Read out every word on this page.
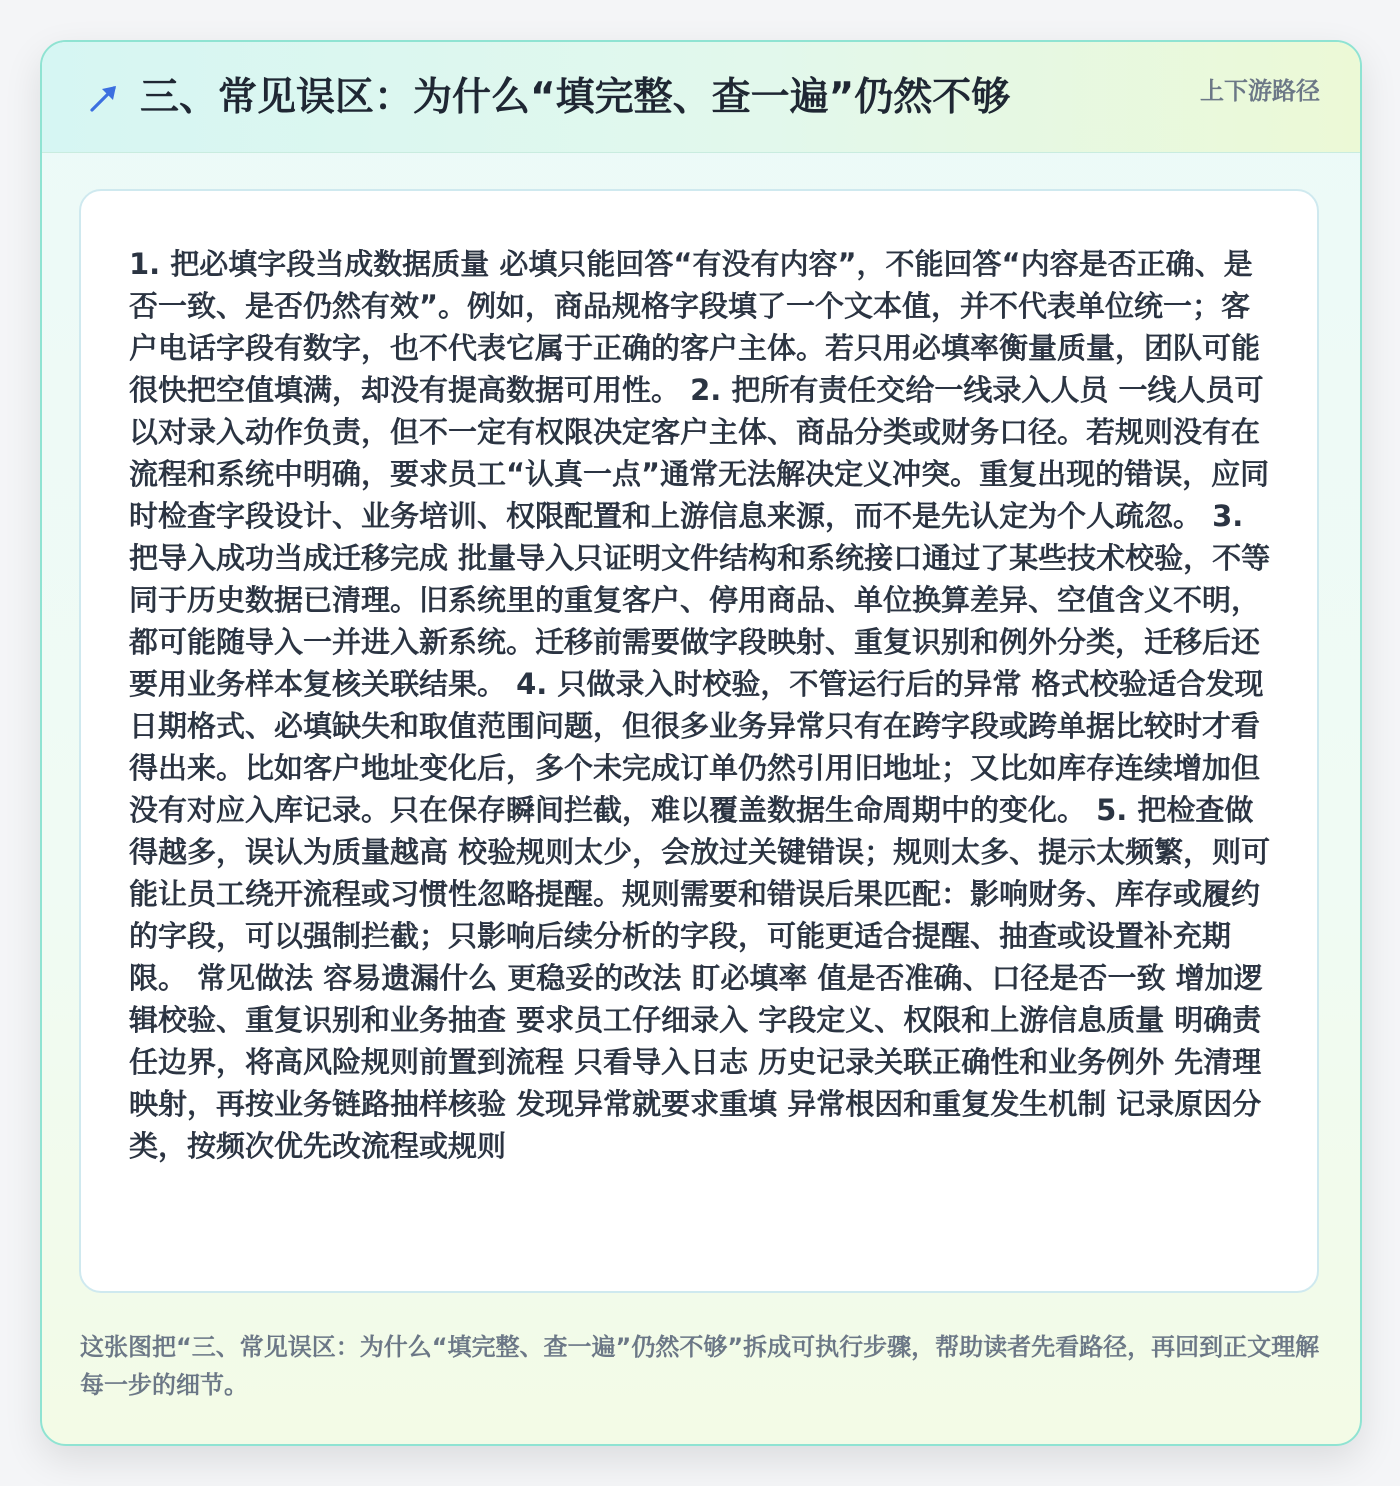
三、常见误区：为什么“填完整、查一遍”仍然不够	上下游路径

1. 把必填字段当成数据质量 必填只能回答“有没有内容”，不能回答“内容是否正确、是否一致、是否仍然有效”。例如，商品规格字段填了一个文本值，并不代表单位统一；客户电话字段有数字，也不代表它属于正确的客户主体。若只用必填率衡量质量，团队可能很快把空值填满，却没有提高数据可用性。 2. 把所有责任交给一线录入人员 一线人员可以对录入动作负责，但不一定有权限决定客户主体、商品分类或财务口径。若规则没有在流程和系统中明确，要求员工“认真一点”通常无法解决定义冲突。重复出现的错误，应同时检查字段设计、业务培训、权限配置和上游信息来源，而不是先认定为个人疏忽。 3. 把导入成功当成迁移完成 批量导入只证明文件结构和系统接口通过了某些技术校验，不等同于历史数据已清理。旧系统里的重复客户、停用商品、单位换算差异、空值含义不明，都可能随导入一并进入新系统。迁移前需要做字段映射、重复识别和例外分类，迁移后还要用业务样本复核关联结果。 4. 只做录入时校验，不管运行后的异常 格式校验适合发现日期格式、必填缺失和取值范围问题，但很多业务异常只有在跨字段或跨单据比较时才看得出来。比如客户地址变化后，多个未完成订单仍然引用旧地址；又比如库存连续增加但没有对应入库记录。只在保存瞬间拦截，难以覆盖数据生命周期中的变化。 5. 把检查做得越多，误认为质量越高 校验规则太少，会放过关键错误；规则太多、提示太频繁，则可能让员工绕开流程或习惯性忽略提醒。规则需要和错误后果匹配：影响财务、库存或履约的字段，可以强制拦截；只影响后续分析的字段，可能更适合提醒、抽查或设置补充期限。 常见做法 容易遗漏什么 更稳妥的改法 盯必填率 值是否准确、口径是否一致 增加逻辑校验、重复识别和业务抽查 要求员工仔细录入 字段定义、权限和上游信息质量 明确责任边界，将高风险规则前置到流程 只看导入日志 历史记录关联正确性和业务例外 先清理映射，再按业务链路抽样核验 发现异常就要求重填 异常根因和重复发生机制 记录原因分类，按频次优先改流程或规则

这张图把“三、常见误区：为什么“填完整、查一遍”仍然不够”拆成可执行步骤，帮助读者先看路径，再回到正文理解每一步的细节。
